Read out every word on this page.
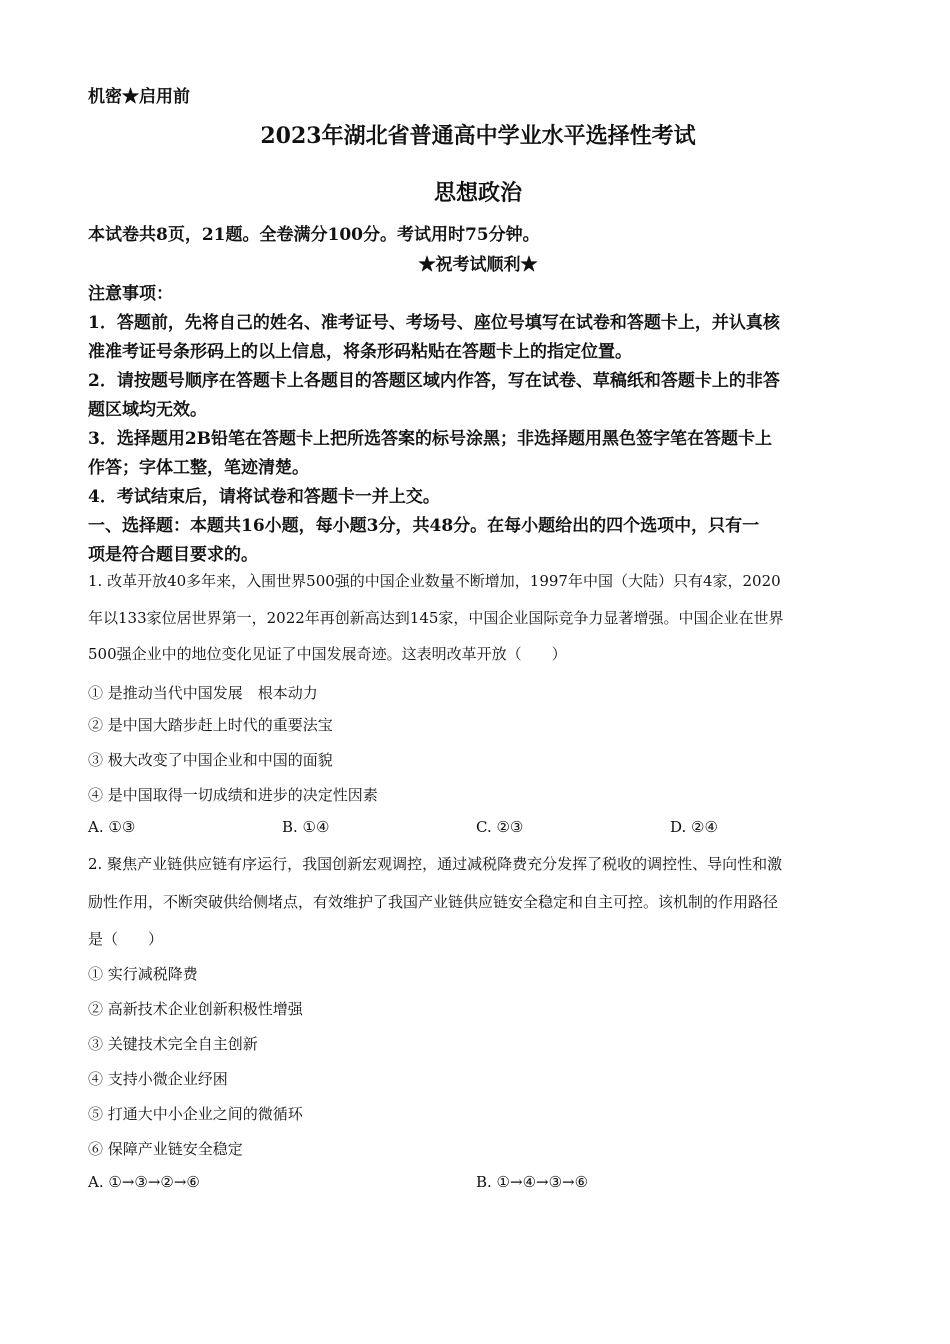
机密★启用前
2023年湖北省普通高中学业水平选择性考试
思想政治
本试卷共8页，21题。全卷满分100分。考试用时75分钟。
★祝考试顺利★
注意事项：
1．答题前，先将自己的姓名、准考证号、考场号、座位号填写在试卷和答题卡上，并认真核
准准考证号条形码上的以上信息，将条形码粘贴在答题卡上的指定位置。
2．请按题号顺序在答题卡上各题目的答题区域内作答，写在试卷、草稿纸和答题卡上的非答
题区域均无效。
3．选择题用2B铅笔在答题卡上把所选答案的标号涂黑；非选择题用黑色签字笔在答题卡上
作答；字体工整，笔迹清楚。
4．考试结束后，请将试卷和答题卡一并上交。
一、选择题：本题共16小题，每小题3分，共48分。在每小题给出的四个选项中，只有一
项是符合题目要求的。
1. 改革开放40多年来，入围世界500强的中国企业数量不断增加，1997年中国（大陆）只有4家，2020
年以133家位居世界第一，2022年再创新高达到145家，中国企业国际竞争力显著增强。中国企业在世界
500强企业中的地位变化见证了中国发展奇迹。这表明改革开放（　　）
① 是推动当代中国发展　根本动力
② 是中国大踏步赶上时代的重要法宝
③ 极大改变了中国企业和中国的面貌
④ 是中国取得一切成绩和进步的决定性因素
A. ①③	B. ①④	C. ②③	D. ②④
2. 聚焦产业链供应链有序运行，我国创新宏观调控，通过减税降费充分发挥了税收的调控性、导向性和激
励性作用，不断突破供给侧堵点，有效维护了我国产业链供应链安全稳定和自主可控。该机制的作用路径
是（　　）
① 实行减税降费
② 高新技术企业创新积极性增强
③ 关键技术完全自主创新
④ 支持小微企业纾困
⑤ 打通大中小企业之间的微循环
⑥ 保障产业链安全稳定
A. ①→③→②→⑥	B. ①→④→③→⑥
